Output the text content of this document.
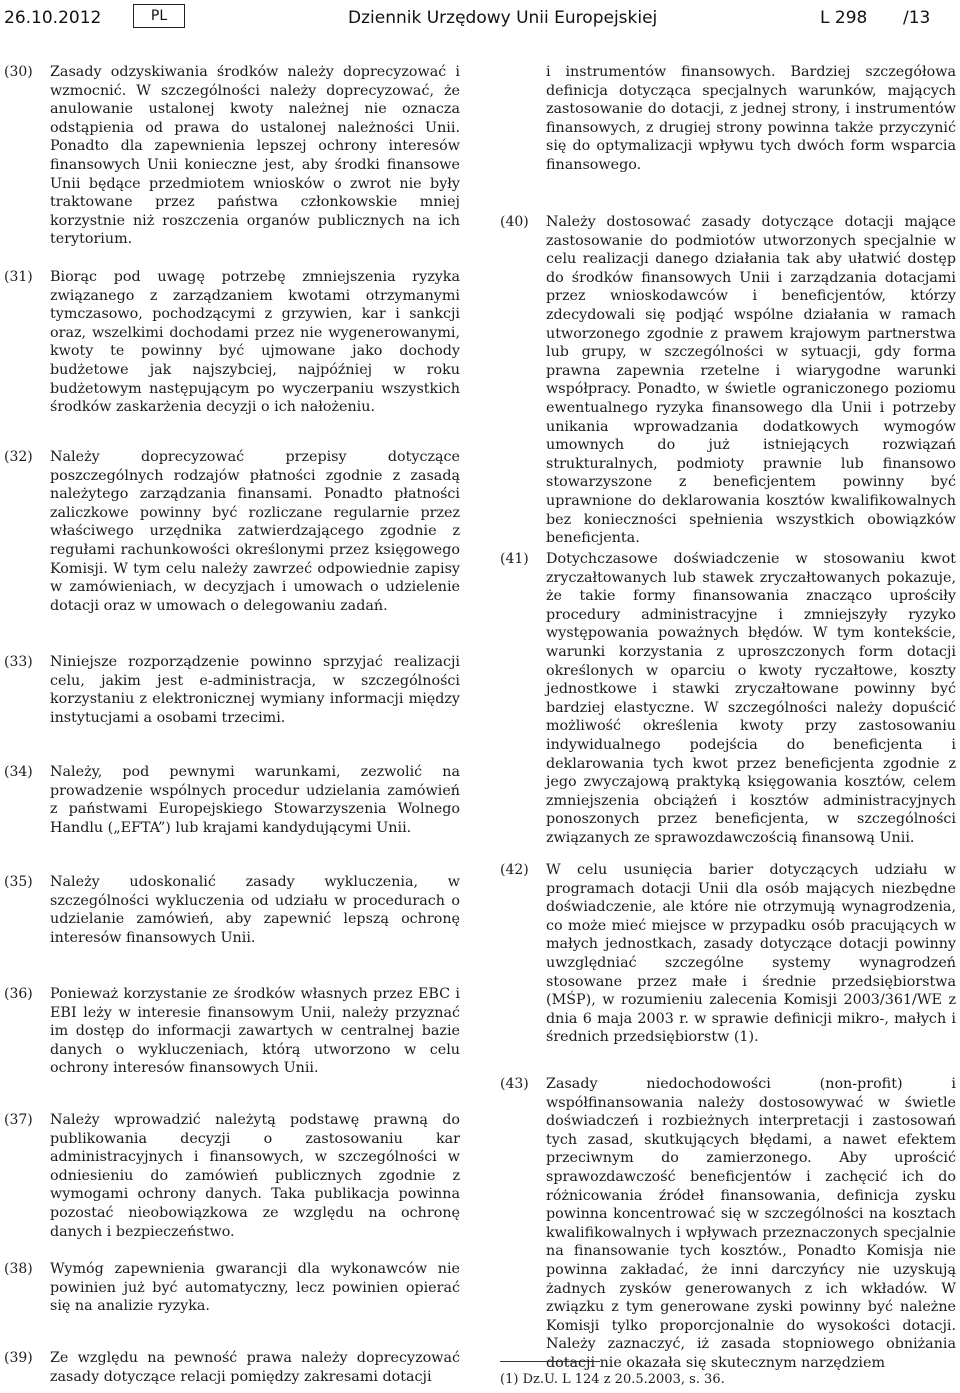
26.10.2012	PL	Dziennik Urzędowy Unii Europejskiej	L 298 /13
(30) Zasady odzyskiwania środków należy doprecyzować i wzmocnić. W szczególności należy doprecyzować, że anulowanie ustalonej kwoty należnej nie oznacza odstąpienia od prawa do ustalonej należności Unii. Ponadto dla zapewnienia lepszej ochrony interesów finansowych Unii konieczne jest, aby środki finansowe Unii będące przedmiotem wniosków o zwrot nie były traktowane przez państwa członkowskie mniej korzystnie niż roszczenia organów publicznych na ich terytorium.
(31) Biorąc pod uwagę potrzebę zmniejszenia ryzyka związanego z zarządzaniem kwotami otrzymanymi tymczasowo, pochodzącymi z grzywien, kar i sankcji oraz, wszelkimi dochodami przez nie wygenerowanymi, kwoty te powinny być ujmowane jako dochody budżetowe jak najszybciej, najpóźniej w roku budżetowym następującym po wyczerpaniu wszystkich środków zaskarżenia decyzji o ich nałożeniu.
(32) Należy doprecyzować przepisy dotyczące poszczególnych rodzajów płatności zgodnie z zasadą należytego zarządzania finansami. Ponadto płatności zaliczkowe powinny być rozliczane regularnie przez właściwego urzędnika zatwierdzającego zgodnie z regułami rachunkowości określonymi przez księgowego Komisji. W tym celu należy zawrzeć odpowiednie zapisy w zamówieniach, w decyzjach i umowach o udzielenie dotacji oraz w umowach o delegowaniu zadań.
(33) Niniejsze rozporządzenie powinno sprzyjać realizacji celu, jakim jest e-administracja, w szczególności korzystaniu z elektronicznej wymiany informacji między instytucjami a osobami trzecimi.
(34) Należy, pod pewnymi warunkami, zezwolić na prowadzenie wspólnych procedur udzielania zamówień z państwami Europejskiego Stowarzyszenia Wolnego Handlu („EFTA”) lub krajami kandydującymi Unii.
(35) Należy udoskonalić zasady wykluczenia, w szczególności wykluczenia od udziału w procedurach o udzielanie zamówień, aby zapewnić lepszą ochronę interesów finansowych Unii.
(36) Ponieważ korzystanie ze środków własnych przez EBC i EBI leży w interesie finansowym Unii, należy przyznać im dostęp do informacji zawartych w centralnej bazie danych o wykluczeniach, którą utworzono w celu ochrony interesów finansowych Unii.
(37) Należy wprowadzić należytą podstawę prawną do publikowania decyzji o zastosowaniu kar administracyjnych i finansowych, w szczególności w odniesieniu do zamówień publicznych zgodnie z wymogami ochrony danych. Taka publikacja powinna pozostać nieobowiązkowa ze względu na ochronę danych i bezpieczeństwo.
(38) Wymóg zapewnienia gwarancji dla wykonawców nie powinien już być automatyczny, lecz powinien opierać się na analizie ryzyka.
(39) Ze względu na pewność prawa należy doprecyzować zasady dotyczące relacji pomiędzy zakresami dotacji
i instrumentów finansowych. Bardziej szczegółowa definicja dotycząca specjalnych warunków, mających zastosowanie do dotacji, z jednej strony, i instrumentów finansowych, z drugiej strony powinna także przyczynić się do optymalizacji wpływu tych dwóch form wsparcia finansowego.
(40) Należy dostosować zasady dotyczące dotacji mające zastosowanie do podmiotów utworzonych specjalnie w celu realizacji danego działania tak aby ułatwić dostęp do środków finansowych Unii i zarządzania dotacjami przez wnioskodawców i beneficjentów, którzy zdecydowali się podjąć wspólne działania w ramach utworzonego zgodnie z prawem krajowym partnerstwa lub grupy, w szczególności w sytuacji, gdy forma prawna zapewnia rzetelne i wiarygodne warunki współpracy. Ponadto, w świetle ograniczonego poziomu ewentualnego ryzyka finansowego dla Unii i potrzeby unikania wprowadzania dodatkowych wymogów umownych do już istniejących rozwiązań strukturalnych, podmioty prawnie lub finansowo stowarzyszone z beneficjentem powinny być uprawnione do deklarowania kosztów kwalifikowalnych bez konieczności spełnienia wszystkich obowiązków beneficjenta.
(41) Dotychczasowe doświadczenie w stosowaniu kwot zryczałtowanych lub stawek zryczałtowanych pokazuje, że takie formy finansowania znacząco uprościły procedury administracyjne i zmniejszyły ryzyko występowania poważnych błędów. W tym kontekście, warunki korzystania z uproszczonych form dotacji określonych w oparciu o kwoty ryczałtowe, koszty jednostkowe i stawki zryczałtowane powinny być bardziej elastyczne. W szczególności należy dopuścić możliwość określenia kwoty przy zastosowaniu indywidualnego podejścia do beneficjenta i deklarowania tych kwot przez beneficjenta zgodnie z jego zwyczajową praktyką księgowania kosztów, celem zmniejszenia obciążeń i kosztów administracyjnych ponoszonych przez beneficjenta, w szczególności związanych ze sprawozdawczością finansową Unii.
(42) W celu usunięcia barier dotyczących udziału w programach dotacji Unii dla osób mających niezbędne doświadczenie, ale które nie otrzymują wynagrodzenia, co może mieć miejsce w przypadku osób pracujących w małych jednostkach, zasady dotyczące dotacji powinny uwzględniać szczególne systemy wynagrodzeń stosowane przez małe i średnie przedsiębiorstwa (MŚP), w rozumieniu zalecenia Komisji 2003/361/WE z dnia 6 maja 2003 r. w sprawie definicji mikro-, małych i średnich przedsiębiorstw (1).
(43) Zasady niedochodowości (non-profit) i współfinansowania należy dostosowywać w świetle doświadczeń i rozbieżnych interpretacji i zastosowań tych zasad, skutkujących błędami, a nawet efektem przeciwnym do zamierzonego. Aby uprościć sprawozdawczość beneficjentów i zachęcić ich do różnicowania źródeł finansowania, definicja zysku powinna koncentrować się w szczególności na kosztach kwalifikowalnych i wpływach przeznaczonych specjalnie na finansowanie tych kosztów., Ponadto Komisja nie powinna zakładać, że inni darczyńcy nie uzyskują żadnych zysków generowanych z ich wkładów. W związku z tym generowane zyski powinny być należne Komisji tylko proporcjonalnie do wysokości dotacji. Należy zaznaczyć, iż zasada stopniowego obniżania dotacji nie okazała się skutecznym narzędziem
(1) Dz.U. L 124 z 20.5.2003, s. 36.
